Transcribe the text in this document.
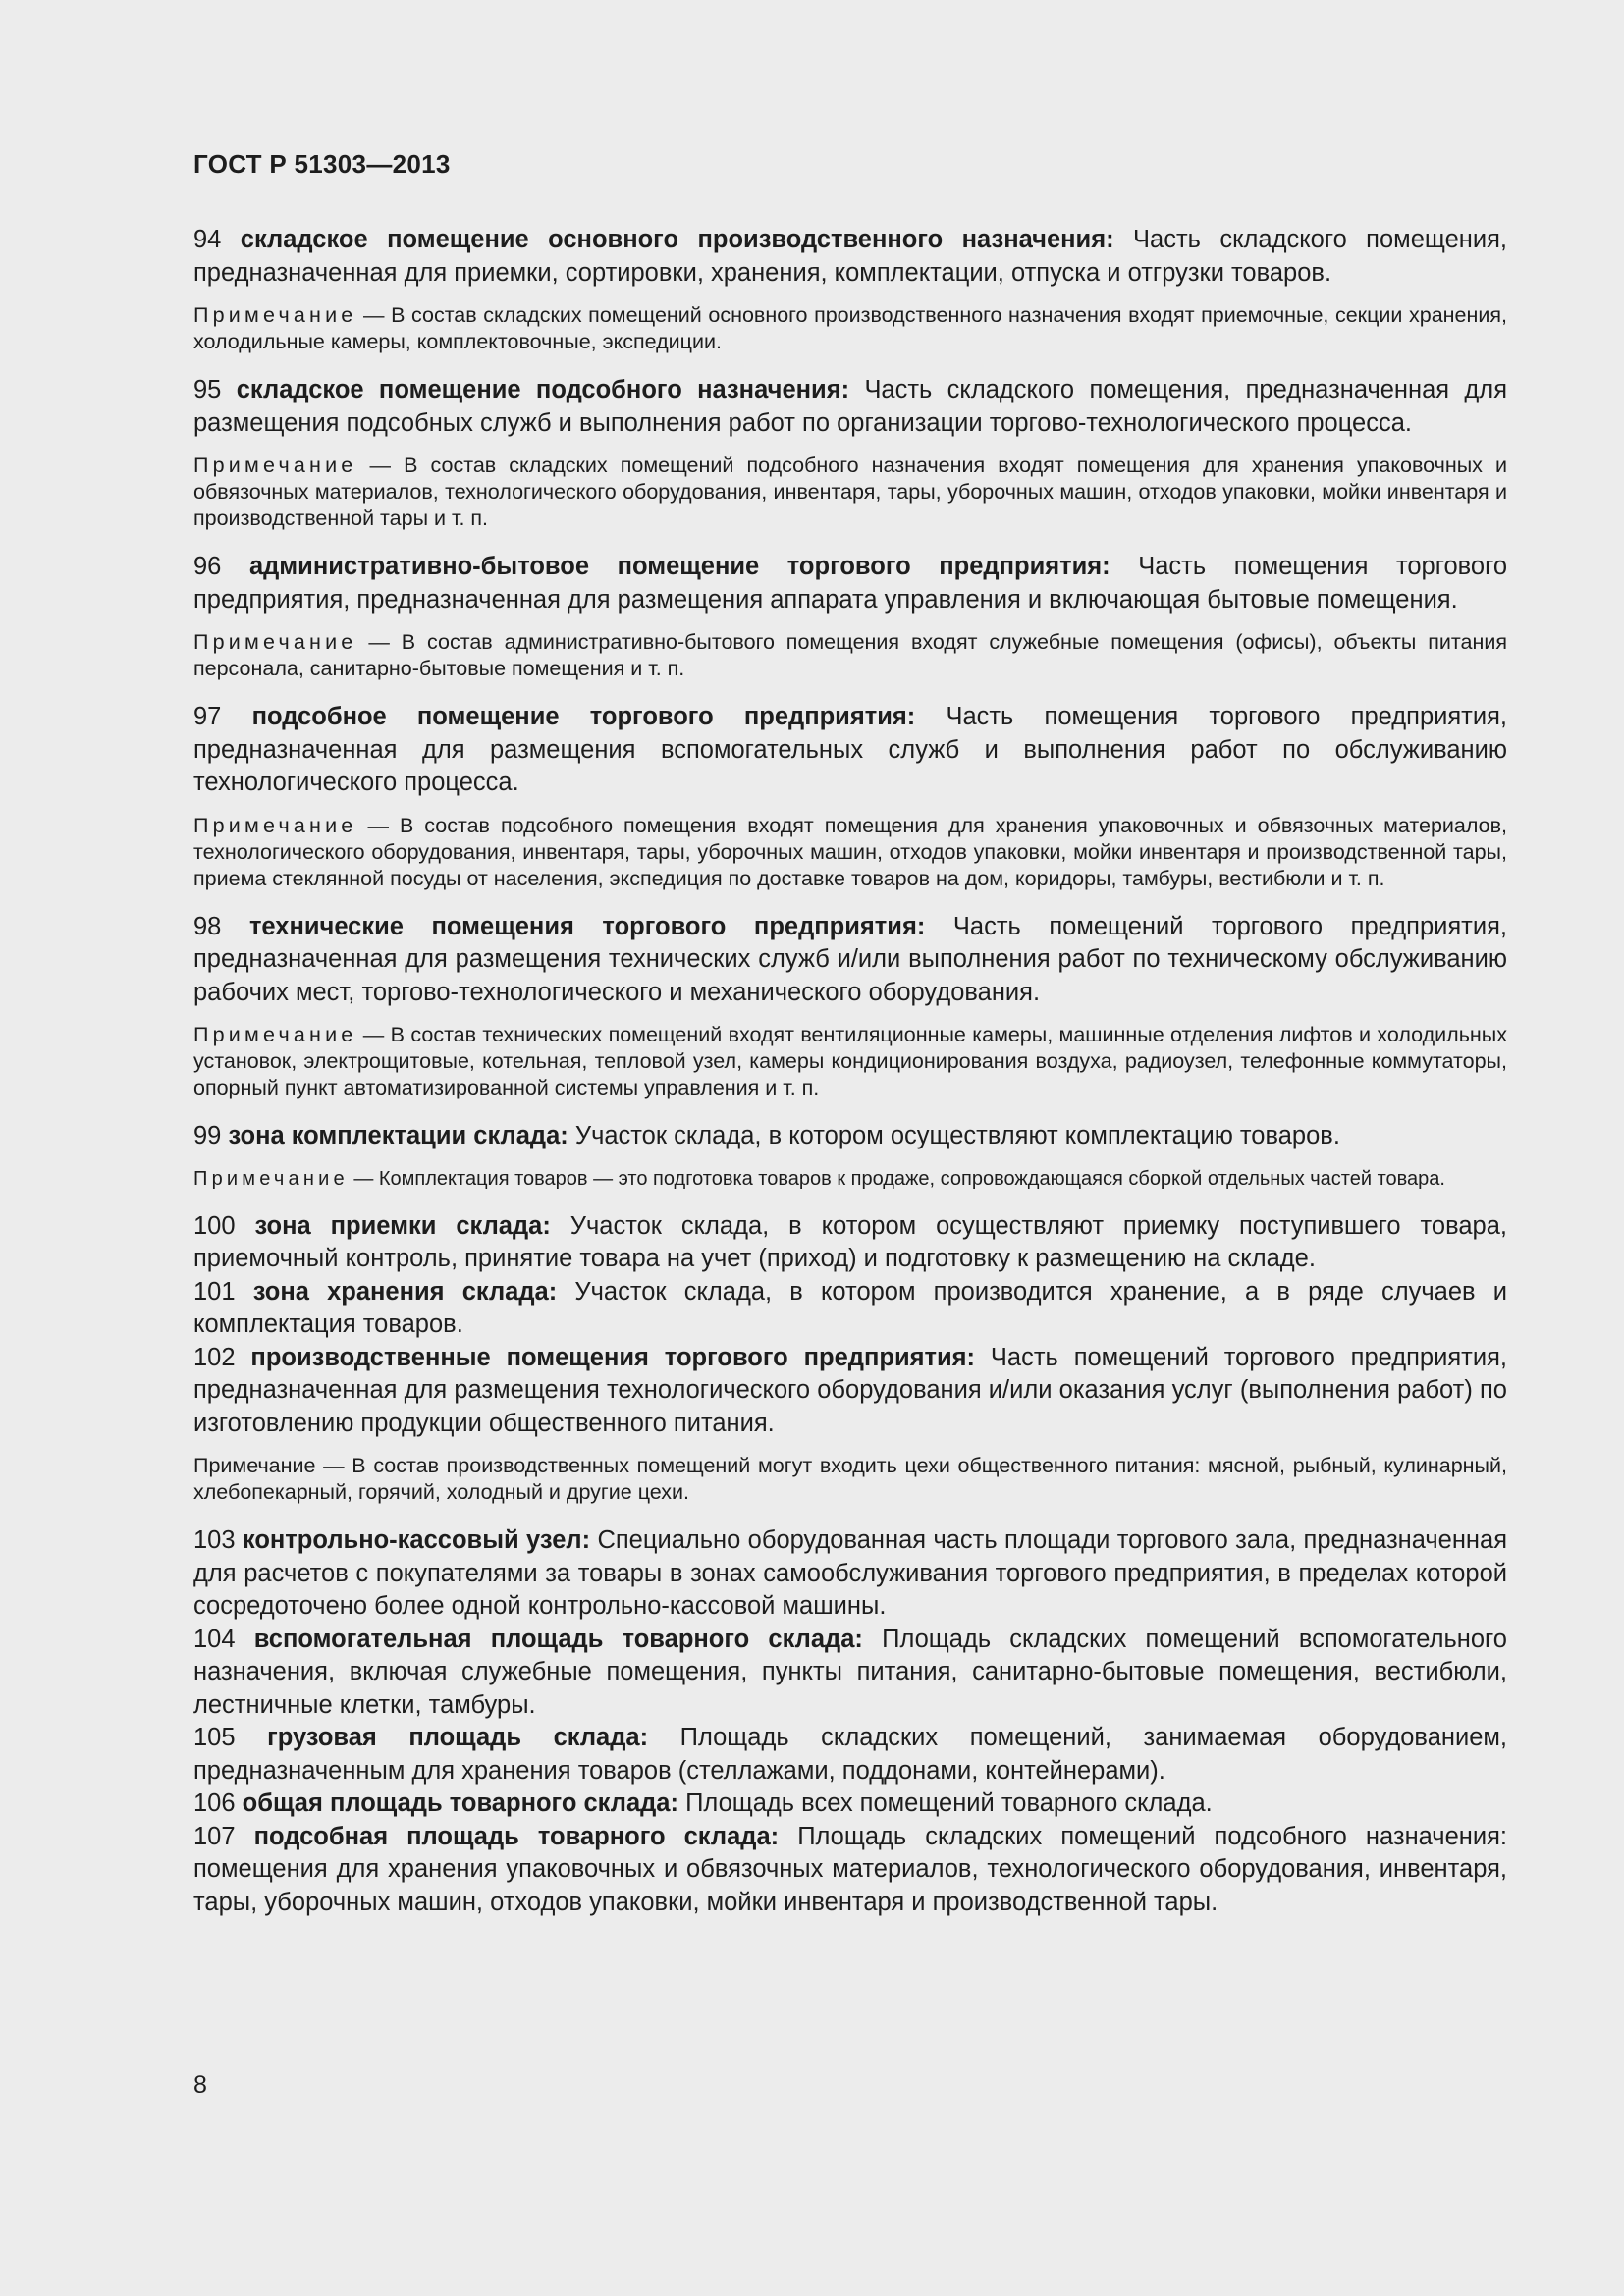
ГОСТ Р 51303—2013

94 складское помещение основного производственного назначения: Часть складского помещения, предназначенная для приемки, сортировки, хранения, комплектации, отпуска и отгрузки товаров.

Примечание — В состав складских помещений основного производственного назначения входят приемочные, секции хранения, холодильные камеры, комплектовочные, экспедиции.

95 складское помещение подсобного назначения: Часть складского помещения, предназначенная для размещения подсобных служб и выполнения работ по организации торгово-технологического процесса.

Примечание — В состав складских помещений подсобного назначения входят помещения для хранения упаковочных и обвязочных материалов, технологического оборудования, инвентаря, тары, уборочных машин, отходов упаковки, мойки инвентаря и производственной тары и т. п.

96 административно-бытовое помещение торгового предприятия: Часть помещения торгового предприятия, предназначенная для размещения аппарата управления и включающая бытовые помещения.

Примечание — В состав административно-бытового помещения входят служебные помещения (офисы), объекты питания персонала, санитарно-бытовые помещения и т. п.

97 подсобное помещение торгового предприятия: Часть помещения торгового предприятия, предназначенная для размещения вспомогательных служб и выполнения работ по обслуживанию технологического процесса.

Примечание — В состав подсобного помещения входят помещения для хранения упаковочных и обвязочных материалов, технологического оборудования, инвентаря, тары, уборочных машин, отходов упаковки, мойки инвентаря и производственной тары, приема стеклянной посуды от населения, экспедиция по доставке товаров на дом, коридоры, тамбуры, вестибюли и т. п.

98 технические помещения торгового предприятия: Часть помещений торгового предприятия, предназначенная для размещения технических служб и/или выполнения работ по техническому обслуживанию рабочих мест, торгово-технологического и механического оборудования.

Примечание — В состав технических помещений входят вентиляционные камеры, машинные отделения лифтов и холодильных установок, электрощитовые, котельная, тепловой узел, камеры кондиционирования воздуха, радиоузел, телефонные коммутаторы, опорный пункт автоматизированной системы управления и т. п.

99 зона комплектации склада: Участок склада, в котором осуществляют комплектацию товаров.

Примечание — Комплектация товаров — это подготовка товаров к продаже, сопровождающаяся сборкой отдельных частей товара.

100 зона приемки склада: Участок склада, в котором осуществляют приемку поступившего товара, приемочный контроль, принятие товара на учет (приход) и подготовку к размещению на складе.

101 зона хранения склада: Участок склада, в котором производится хранение, а в ряде случаев и комплектация товаров.

102 производственные помещения торгового предприятия: Часть помещений торгового предприятия, предназначенная для размещения технологического оборудования и/или оказания услуг (выполнения работ) по изготовлению продукции общественного питания.

Примечание — В состав производственных помещений могут входить цехи общественного питания: мясной, рыбный, кулинарный, хлебопекарный, горячий, холодный и другие цехи.

103 контрольно-кассовый узел: Специально оборудованная часть площади торгового зала, предназначенная для расчетов с покупателями за товары в зонах самообслуживания торгового предприятия, в пределах которой сосредоточено более одной контрольно-кассовой машины.

104 вспомогательная площадь товарного склада: Площадь складских помещений вспомогательного назначения, включая служебные помещения, пункты питания, санитарно-бытовые помещения, вестибюли, лестничные клетки, тамбуры.

105 грузовая площадь склада: Площадь складских помещений, занимаемая оборудованием, предназначенным для хранения товаров (стеллажами, поддонами, контейнерами).

106 общая площадь товарного склада: Площадь всех помещений товарного склада.

107 подсобная площадь товарного склада: Площадь складских помещений подсобного назначения: помещения для хранения упаковочных и обвязочных материалов, технологического оборудования, инвентаря, тары, уборочных машин, отходов упаковки, мойки инвентаря и производственной тары.

8
